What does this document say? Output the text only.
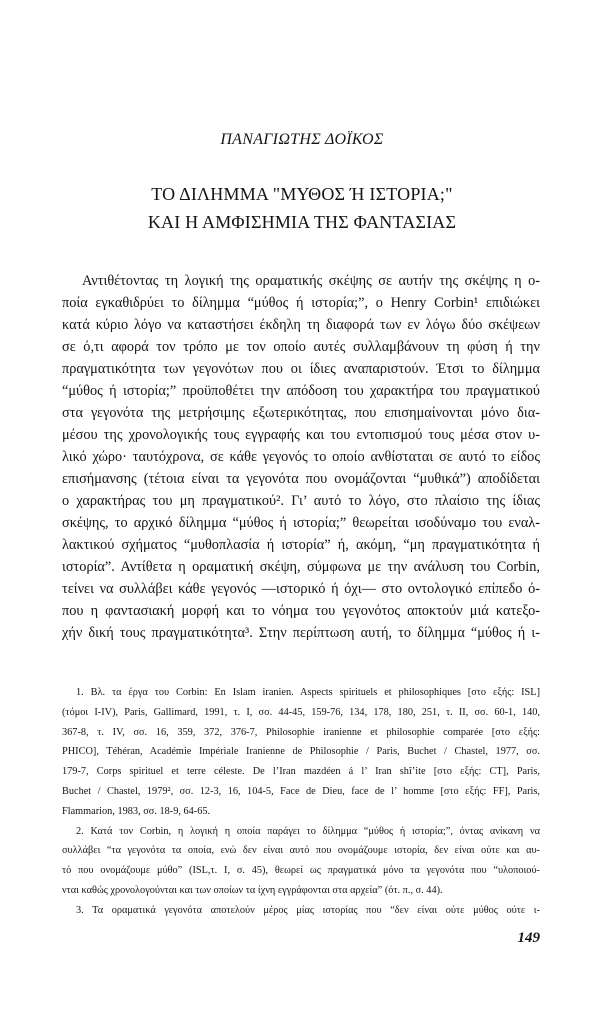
ΠΑΝΑΓΙΩΤΗΣ ΔΟΪΚΟΣ
ΤΟ ΔΙΛΗΜΜΑ "ΜΥΘΟΣ Ή ΙΣΤΟΡΙΑ;"
ΚΑΙ Η ΑΜΦΙΣΗΜΙΑ ΤΗΣ ΦΑΝΤΑΣΙΑΣ
Αντιθέτοντας τη λογική της οραματικής σκέψης σε αυτήν της σκέψης η ο-
ποία εγκαθιδρύει το δίλημμα “μύθος ή ιστορία;”, ο Henry Corbin¹ επιδιώκει
κατά κύριο λόγο να καταστήσει έκδηλη τη διαφορά των εν λόγω δύο σκέψεων
σε ό,τι αφορά τον τρόπο με τον οποίο αυτές συλλαμβάνουν τη φύση ή την
πραγματικότητα των γεγονότων που οι ίδιες αναπαριστούν. Έτσι το δίλημμα
“μύθος ή ιστορία;” προϋποθέτει την απόδοση του χαρακτήρα του πραγματικού
στα γεγονότα της μετρήσιμης εξωτερικότητας, που επισημαίνονται μόνο δια-
μέσου της χρονολογικής τους εγγραφής και του εντοπισμού τους μέσα στον υ-
λικό χώρο· ταυτόχρονα, σε κάθε γεγονός το οποίο ανθίσταται σε αυτό το είδος
επισήμανσης (τέτοια είναι τα γεγονότα που ονομάζονται “μυθικά”) αποδίδεται
ο χαρακτήρας του μη πραγματικού². Γι’ αυτό το λόγο, στο πλαίσιο της ίδιας
σκέψης, το αρχικό δίλημμα “μύθος ή ιστορία;” θεωρείται ισοδύναμο του εναλ-
λακτικού σχήματος “μυθοπλασία ή ιστορία” ή, ακόμη, “μη πραγματικότητα ή
ιστορία”. Αντίθετα η οραματική σκέψη, σύμφωνα με την ανάλυση του Corbin,
τείνει να συλλάβει κάθε γεγονός —ιστορικό ή όχι— στο οντολογικό επίπεδο ό-
που η φαντασιακή μορφή και το νόημα του γεγονότος αποκτούν μιά κατεξο-
χήν δική τους πραγματικότητα³. Στην περίπτωση αυτή, το δίλημμα “μύθος ή ι-
1. Βλ. τα έργα του Corbin: En Islam iranien. Aspects spirituels et philosophiques [στο εξής: ISL]
(τόμοι I-IV), Paris, Gallimard, 1991, τ. I, σσ. 44-45, 159-76, 134, 178, 180, 251, τ. II, σσ. 60-1, 140,
367-8, τ. IV, σσ. 16, 359, 372, 376-7, Philosophie iranienne et philosophie comparée [στο εξής:
PHICO], Téhéran, Académie Impériale Iranienne de Philosophie / Paris, Buchet / Chastel, 1977, σσ.
179-7, Corps spirituel et terre céleste. De l’Iran mazdéen á l’ Iran shî’ite [στο εξής: CT], Paris,
Buchet / Chastel, 1979², σσ. 12-3, 16, 104-5, Face de Dieu, face de l’ homme [στο εξής: FF], Paris,
Flammarion, 1983, σσ. 18-9, 64-65.
2. Κατά τον Corbin, η λογική η οποία παράγει το δίλημμα “μύθος ή ιστορία;”, όντας ανίκανη να
συλλάβει “τα γεγονότα τα οποία, ενώ δεν είναι αυτό που ονομάζουμε ιστορία, δεν είναι ούτε και αυ-
τό που ονομάζουμε μύθο” (ISL,τ. I, σ. 45), θεωρεί ως πραγματικά μόνο τα γεγονότα που “υλοποιού-
νται καθώς χρονολογούνται και των οποίων τα ίχνη εγγράφονται στα αρχεία” (ότ. π., σ. 44).
3. Τα οραματικά γεγονότα αποτελούν μέρος μίας ιστορίας που “δεν είναι ούτε μύθος ούτε ι-
149
